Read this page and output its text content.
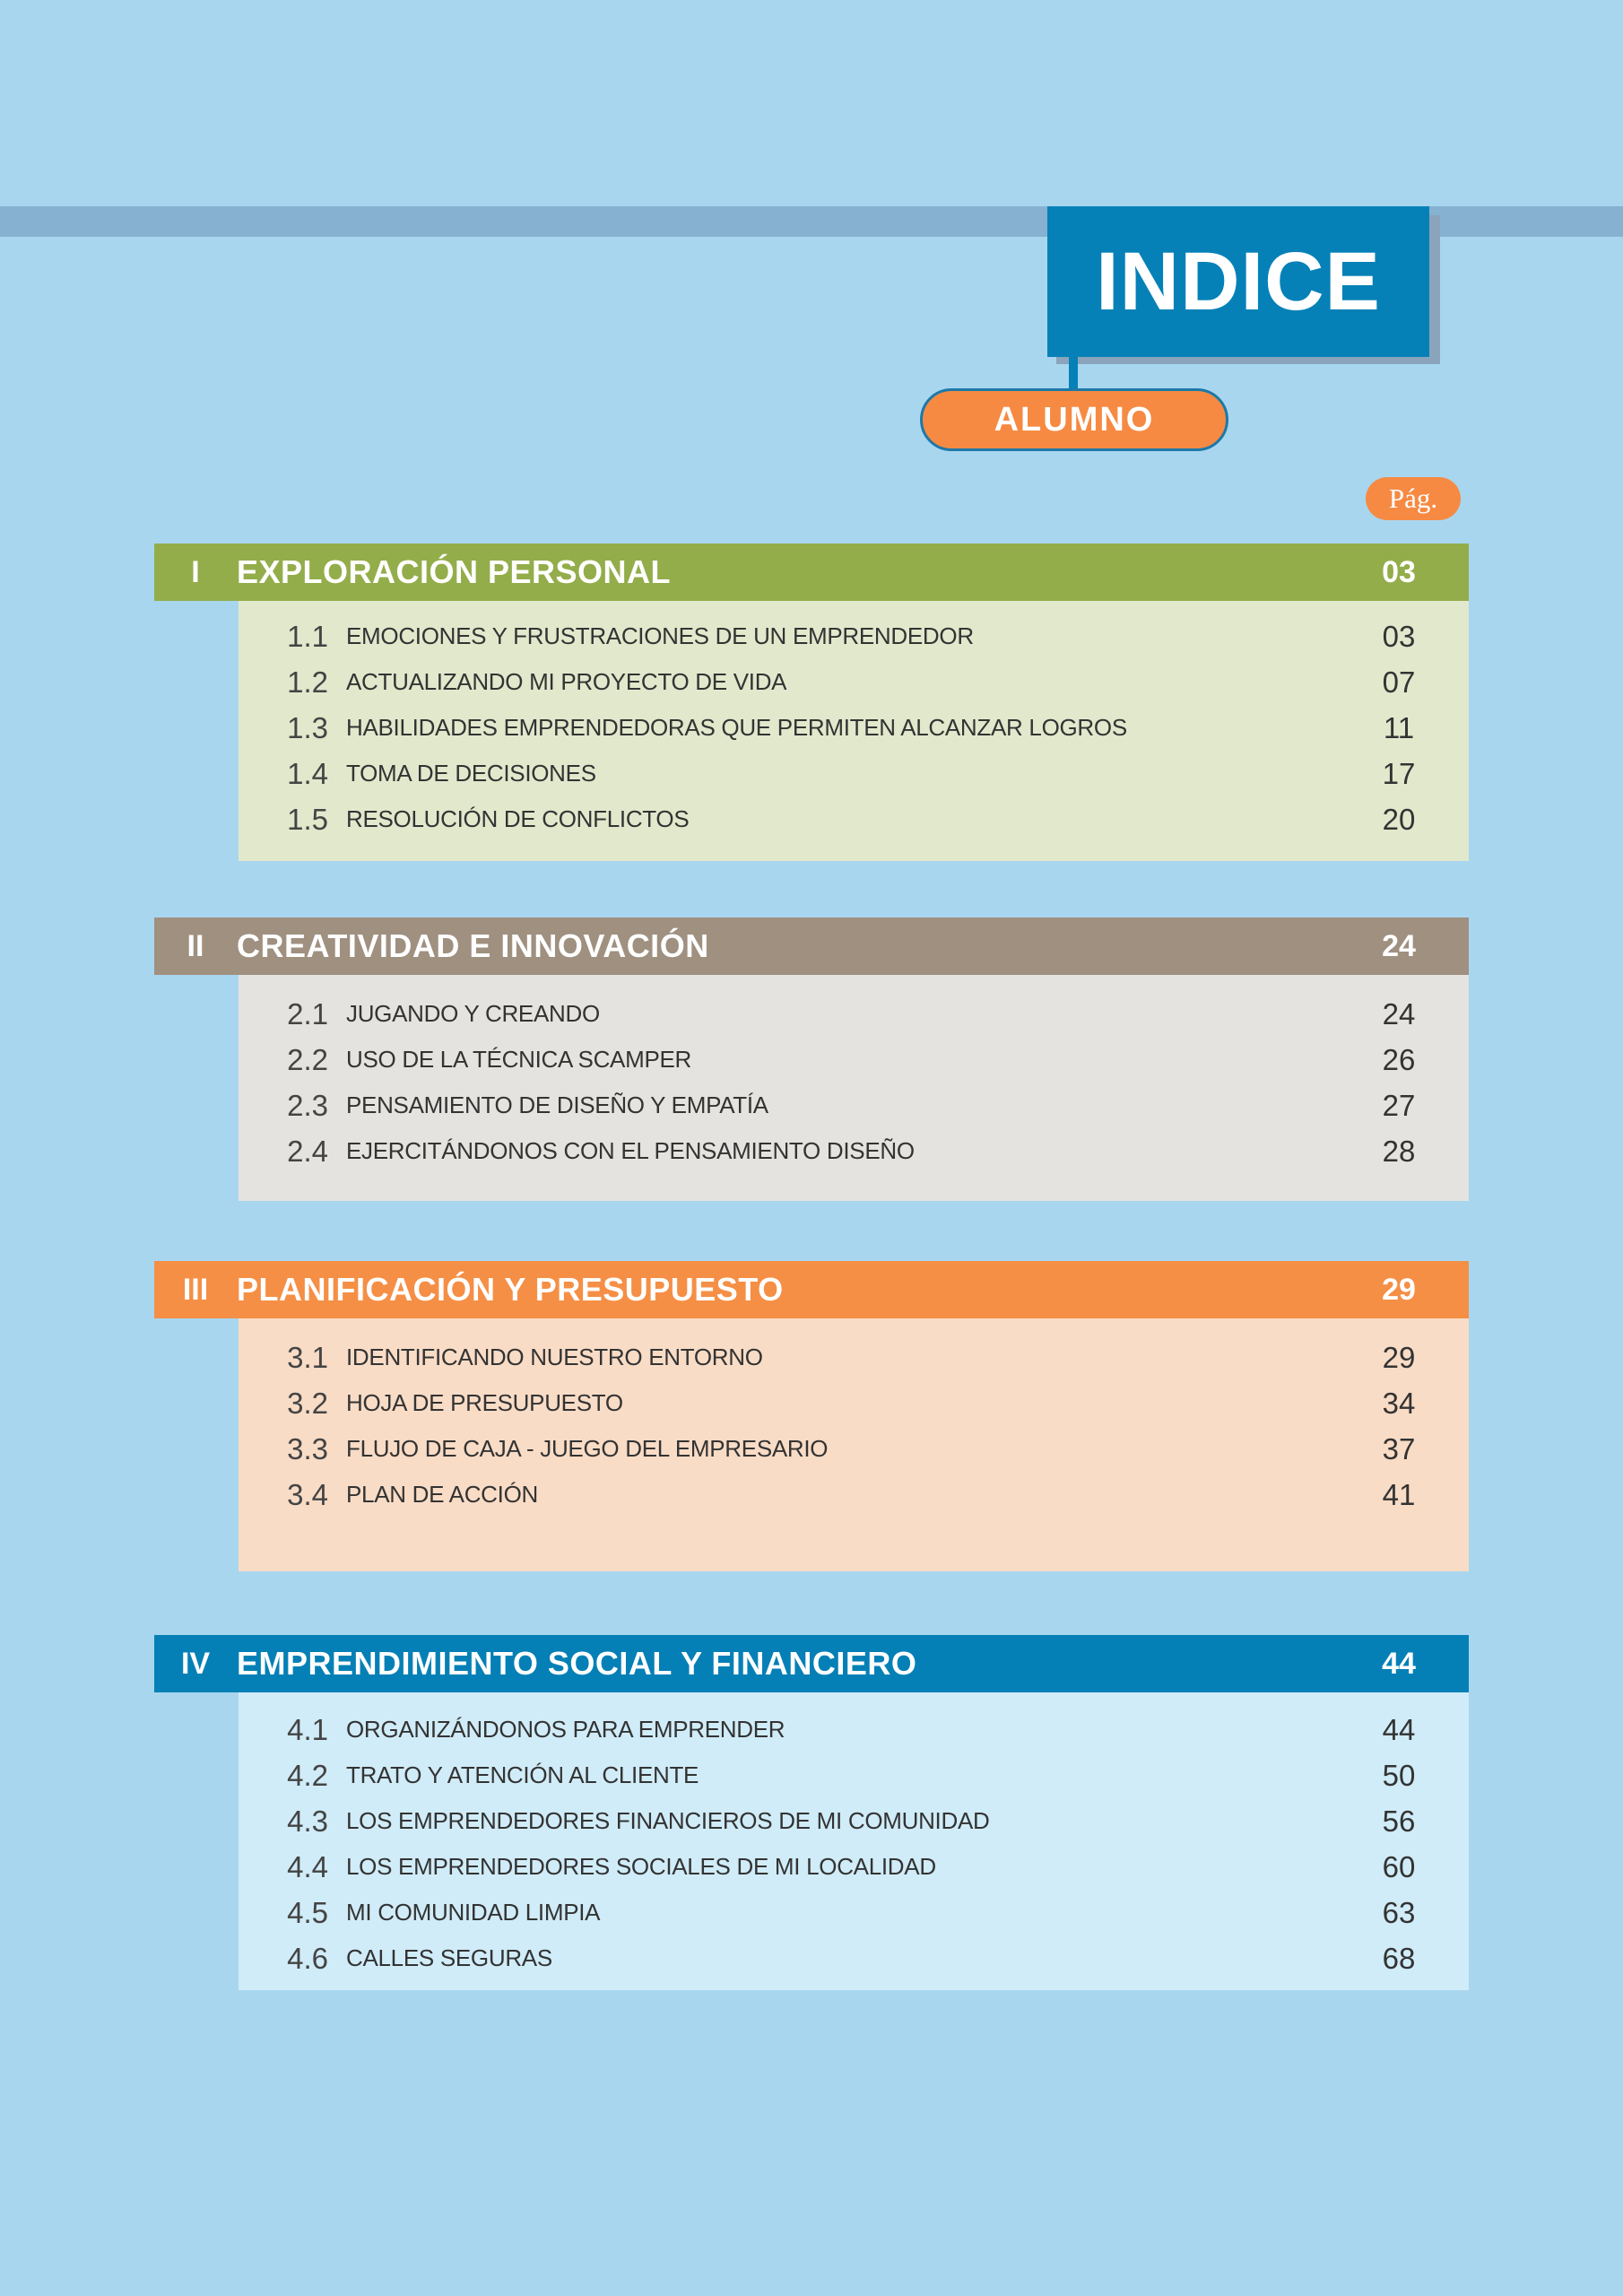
INDICE
ALUMNO
Pág.
I	EXPLORACIÓN PERSONAL	03
1.1 EMOCIONES Y FRUSTRACIONES DE UN EMPRENDEDOR	03
1.2 ACTUALIZANDO MI PROYECTO DE VIDA	07
1.3 HABILIDADES EMPRENDEDORAS QUE PERMITEN ALCANZAR LOGROS	11
1.4 TOMA DE DECISIONES	17
1.5 RESOLUCIÓN DE CONFLICTOS	20
II	CREATIVIDAD E INNOVACIÓN	24
2.1 JUGANDO Y CREANDO	24
2.2 USO DE LA TÉCNICA SCAMPER	26
2.3 PENSAMIENTO DE DISEÑO Y EMPATÍA	27
2.4 EJERCITÁNDONOS CON EL PENSAMIENTO DISEÑO	28
III PLANIFICACIÓN Y PRESUPUESTO	29
3.1 IDENTIFICANDO NUESTRO ENTORNO	29
3.2 HOJA DE PRESUPUESTO	34
3.3 FLUJO DE CAJA - JUEGO DEL EMPRESARIO	37
3.4 PLAN DE ACCIÓN	41
IV EMPRENDIMIENTO SOCIAL Y FINANCIERO	44
4.1 ORGANIZÁNDONOS PARA EMPRENDER	44
4.2 TRATO Y ATENCIÓN AL CLIENTE	50
4.3 LOS EMPRENDEDORES FINANCIEROS DE MI COMUNIDAD	56
4.4 LOS EMPRENDEDORES SOCIALES DE MI LOCALIDAD	60
4.5 MI COMUNIDAD LIMPIA	63
4.6 CALLES SEGURAS	68
